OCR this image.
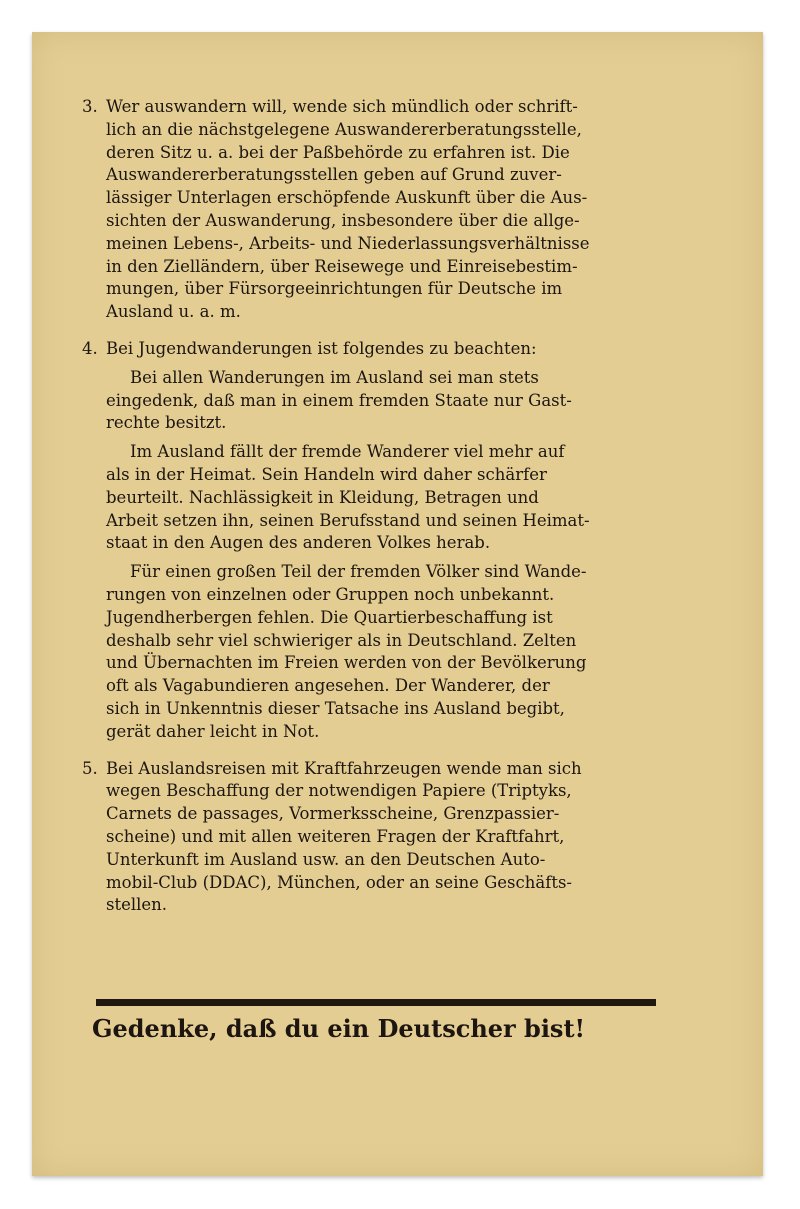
3. Wer auswandern will, wende sich mündlich oder schrift-
lich an die nächstgelegene Auswandererberatungsstelle,
deren Sitz u. a. bei der Paßbehörde zu erfahren ist. Die
Auswandererberatungsstellen geben auf Grund zuver-
lässiger Unterlagen erschöpfende Auskunft über die Aus-
sichten der Auswanderung, insbesondere über die allge-
meinen Lebens-, Arbeits- und Niederlassungsverhältnisse
in den Zielländern, über Reisewege und Einreisebestim-
mungen, über Fürsorgeeinrichtungen für Deutsche im
Ausland u. a. m.
4. Bei Jugendwanderungen ist folgendes zu beachten:
Bei allen Wanderungen im Ausland sei man stets
eingedenk, daß man in einem fremden Staate nur Gast-
rechte besitzt.
Im Ausland fällt der fremde Wanderer viel mehr auf
als in der Heimat. Sein Handeln wird daher schärfer
beurteilt. Nachlässigkeit in Kleidung, Betragen und
Arbeit setzen ihn, seinen Berufsstand und seinen Heimat-
staat in den Augen des anderen Volkes herab.
Für einen großen Teil der fremden Völker sind Wande-
rungen von einzelnen oder Gruppen noch unbekannt.
Jugendherbergen fehlen. Die Quartierbeschaffung ist
deshalb sehr viel schwieriger als in Deutschland. Zelten
und Übernachten im Freien werden von der Bevölkerung
oft als Vagabundieren angesehen. Der Wanderer, der
sich in Unkenntnis dieser Tatsache ins Ausland begibt,
gerät daher leicht in Not.
5. Bei Auslandsreisen mit Kraftfahrzeugen wende man sich
wegen Beschaffung der notwendigen Papiere (Triptyks,
Carnets de passages, Vormerksscheine, Grenzpassier-
scheine) und mit allen weiteren Fragen der Kraftfahrt,
Unterkunft im Ausland usw. an den Deutschen Auto-
mobil-Club (DDAC), München, oder an seine Geschäfts-
stellen.
Gedenke, daß du ein Deutscher bist!
